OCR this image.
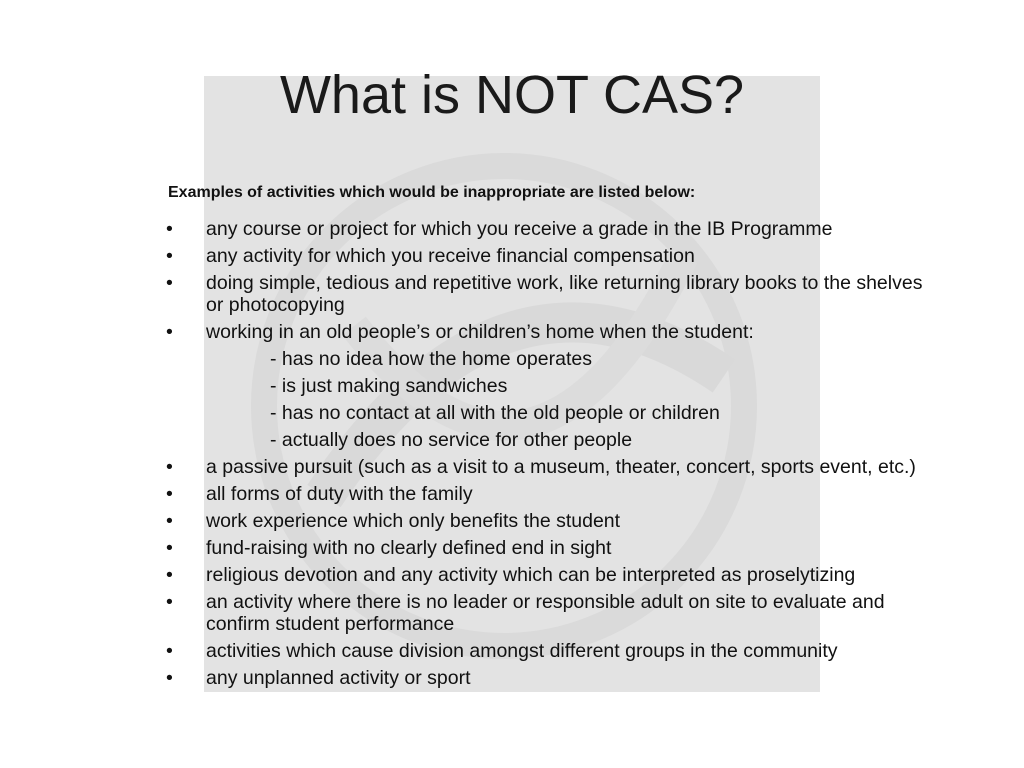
What is NOT CAS?
Examples of activities which would be inappropriate are listed below:
•	any course or project for which you receive a grade in the IB Programme
•	any activity for which you receive financial compensation
•	doing simple, tedious and repetitive work, like returning library books to the shelves or photocopying
•	working in an old people’s or children’s home when the student:
- has no idea how the home operates
- is just making sandwiches
- has no contact at all with the old people or children
- actually does no service for other people
•	a passive pursuit (such as a visit to a museum, theater, concert, sports event, etc.)
•	all forms of duty with the family
•	work experience which only benefits the student
•	fund-raising with no clearly defined end in sight
•	religious devotion and any activity which can be interpreted as proselytizing
•	an activity where there is no leader or responsible adult on site to evaluate and confirm student performance
•	activities which cause division amongst different groups in the community
•	any unplanned activity or sport
